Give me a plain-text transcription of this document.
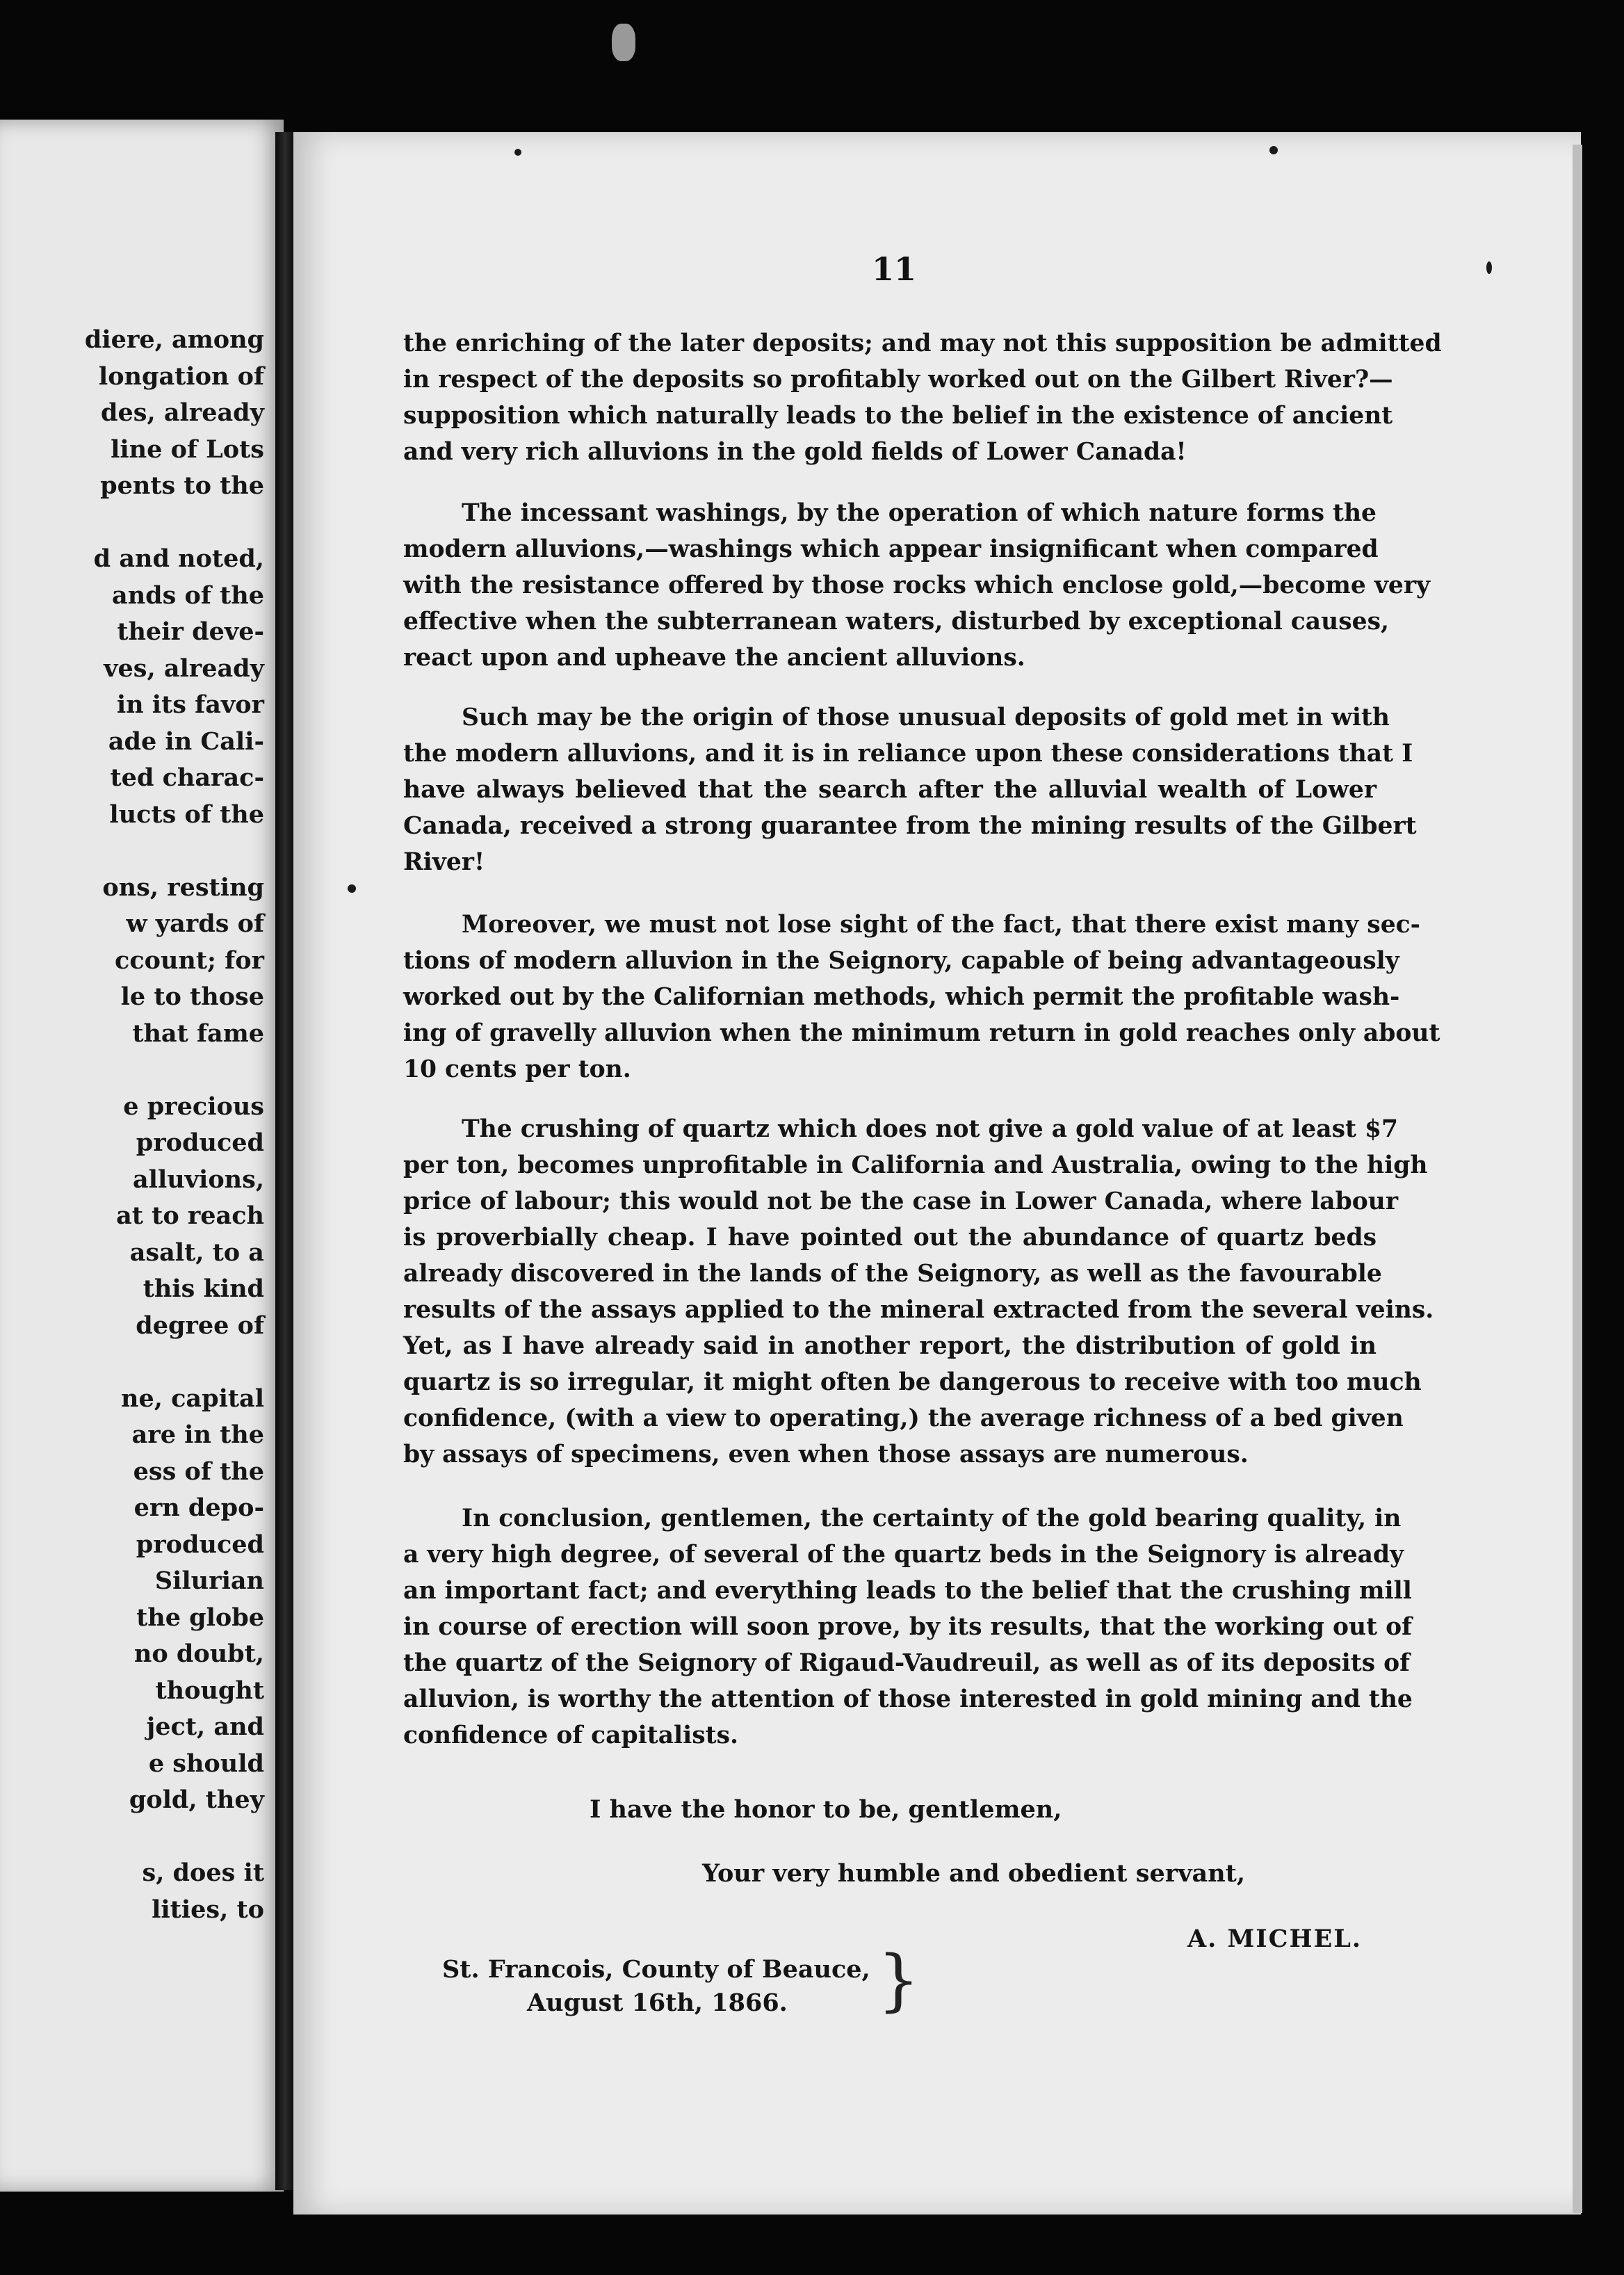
diere, among
longation of
des, already
line of Lots
pents to the
d and noted,
ands of the
their deve-
ves, already
in its favor
ade in Cali-
ted charac-
lucts of the
ons, resting
w yards of
ccount; for
le to those
that fame
e precious
produced
alluvions,
at to reach
asalt, to a
this kind
degree of
ne, capital
are in the
ess of the
ern depo-
produced
Silurian
the globe
no doubt,
thought
ject, and
e should
gold, they
s, does it
lities, to
11
the enriching of the later deposits; and may not this supposition be admitted
in respect of the deposits so profitably worked out on the Gilbert River?—
supposition which naturally leads to the belief in the existence of ancient
and very rich alluvions in the gold fields of Lower Canada!
The incessant washings, by the operation of which nature forms the
modern alluvions,—washings which appear insignificant when compared
with the resistance offered by those rocks which enclose gold,—become very
effective when the subterranean waters, disturbed by exceptional causes,
react upon and upheave the ancient alluvions.
Such may be the origin of those unusual deposits of gold met in with
the modern alluvions, and it is in reliance upon these considerations that I
have always believed that the search after the alluvial wealth of Lower
Canada, received a strong guarantee from the mining results of the Gilbert
River!
Moreover, we must not lose sight of the fact, that there exist many sec-
tions of modern alluvion in the Seignory, capable of being advantageously
worked out by the Californian methods, which permit the profitable wash-
ing of gravelly alluvion when the minimum return in gold reaches only about
10 cents per ton.
The crushing of quartz which does not give a gold value of at least $7
per ton, becomes unprofitable in California and Australia, owing to the high
price of labour; this would not be the case in Lower Canada, where labour
is proverbially cheap. I have pointed out the abundance of quartz beds
already discovered in the lands of the Seignory, as well as the favourable
results of the assays applied to the mineral extracted from the several veins.
Yet, as I have already said in another report, the distribution of gold in
quartz is so irregular, it might often be dangerous to receive with too much
confidence, (with a view to operating,) the average richness of a bed given
by assays of specimens, even when those assays are numerous.
In conclusion, gentlemen, the certainty of the gold bearing quality, in
a very high degree, of several of the quartz beds in the Seignory is already
an important fact; and everything leads to the belief that the crushing mill
in course of erection will soon prove, by its results, that the working out of
the quartz of the Seignory of Rigaud-Vaudreuil, as well as of its deposits of
alluvion, is worthy the attention of those interested in gold mining and the
confidence of capitalists.
I have the honor to be, gentlemen,
Your very humble and obedient servant,
A. MICHEL.
St. Francois, County of Beauce,
August 16th, 1866. }
